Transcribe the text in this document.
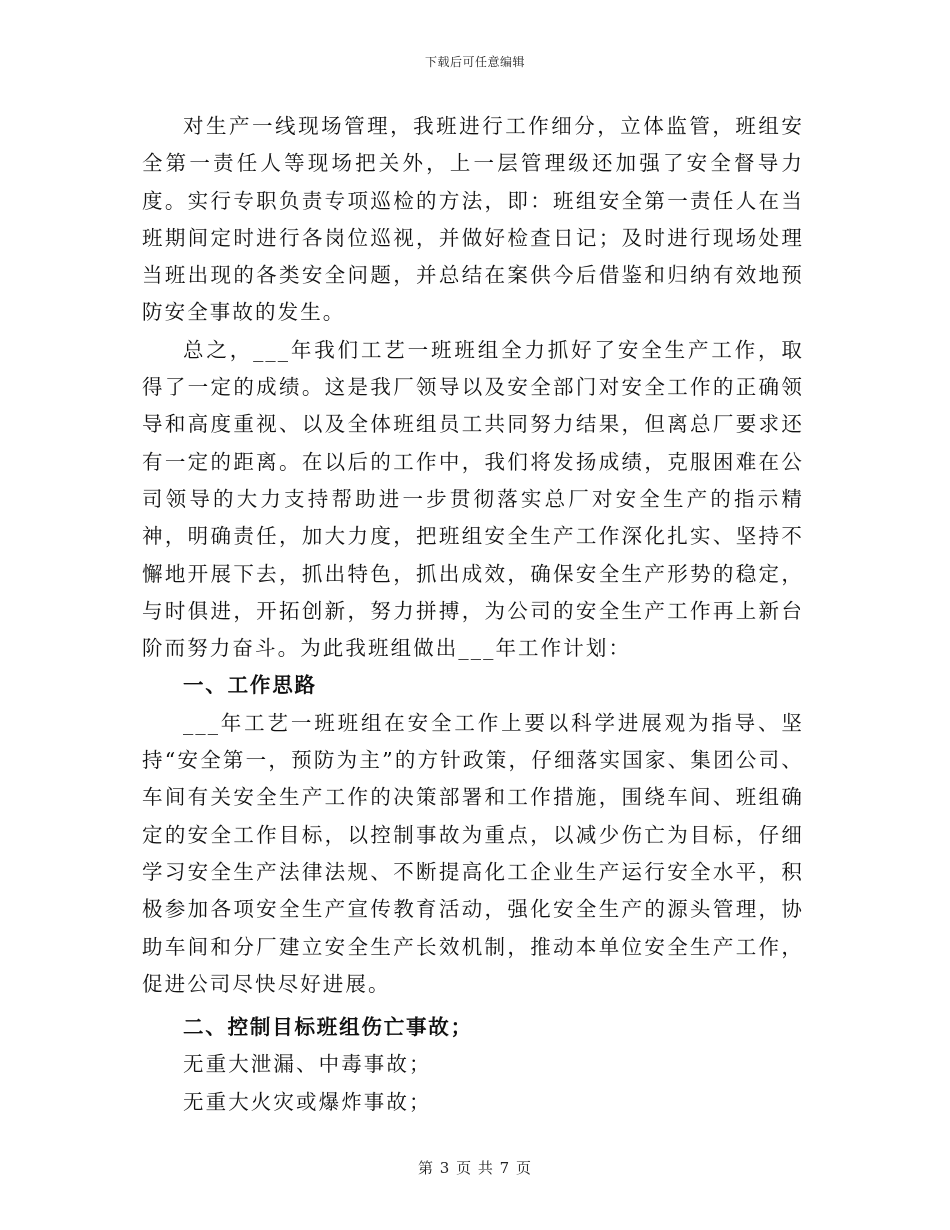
下载后可任意编辑

对生产一线现场管理，我班进行工作细分，立体监管，班组安全第一责任人等现场把关外，上一层管理级还加强了安全督导力度。实行专职负责专项巡检的方法，即：班组安全第一责任人在当班期间定时进行各岗位巡视，并做好检查日记；及时进行现场处理当班出现的各类安全问题，并总结在案供今后借鉴和归纳有效地预防安全事故的发生。

总之，___年我们工艺一班班组全力抓好了安全生产工作，取得了一定的成绩。这是我厂领导以及安全部门对安全工作的正确领导和高度重视、以及全体班组员工共同努力结果，但离总厂要求还有一定的距离。在以后的工作中，我们将发扬成绩，克服困难在公司领导的大力支持帮助进一步贯彻落实总厂对安全生产的指示精神，明确责任，加大力度，把班组安全生产工作深化扎实、坚持不懈地开展下去，抓出特色，抓出成效，确保安全生产形势的稳定，与时俱进，开拓创新，努力拼搏，为公司的安全生产工作再上新台阶而努力奋斗。为此我班组做出___年工作计划：

一、工作思路

___年工艺一班班组在安全工作上要以科学进展观为指导、坚持“安全第一，预防为主”的方针政策，仔细落实国家、集团公司、车间有关安全生产工作的决策部署和工作措施，围绕车间、班组确定的安全工作目标，以控制事故为重点，以减少伤亡为目标，仔细学习安全生产法律法规、不断提高化工企业生产运行安全水平，积极参加各项安全生产宣传教育活动，强化安全生产的源头管理，协助车间和分厂建立安全生产长效机制，推动本单位安全生产工作，促进公司尽快尽好进展。

二、控制目标班组伤亡事故；

无重大泄漏、中毒事故；

无重大火灾或爆炸事故；

第 3 页 共 7 页
